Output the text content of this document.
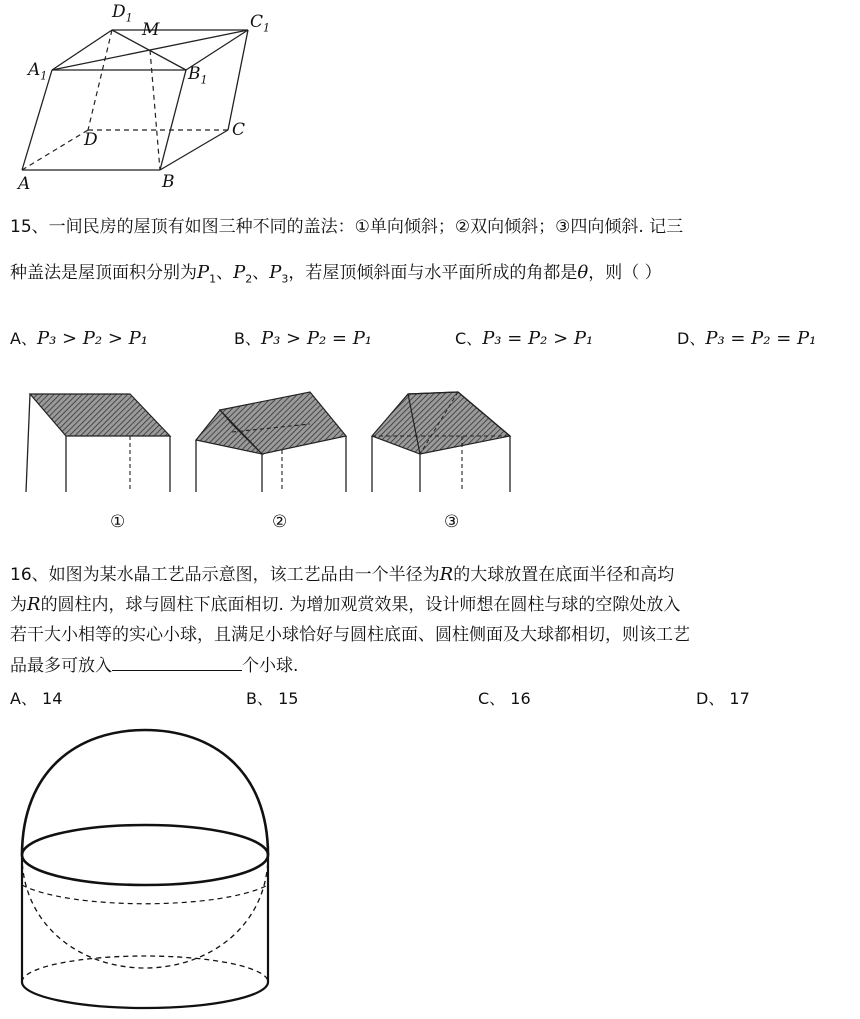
$D_1$
M	$C_1$
$A_1$	$B_1$
D	C
A	B
15、一间民房的屋顶有如图三种不同的盖法：①单向倾斜；②双向倾斜；③四向倾斜. 记三
种盖法是屋顶面积分别为$P_1$、$P_2$、$P_3$，若屋顶倾斜面与水平面所成的角都是θ，则（ ）
A、P₃ > P₂ > P₁	B、P₃ > P₂ = P₁	C、P₃ = P₂ > P₁	D、P₃ = P₂ = P₁
①	②	③
16、如图为某水晶工艺品示意图，该工艺品由一个半径为R的大球放置在底面半径和高均
为R的圆柱内，球与圆柱下底面相切. 为增加观赏效果，设计师想在圆柱与球的空隙处放入
若干大小相等的实心小球，且满足小球恰好与圆柱底面、圆柱侧面及大球都相切，则该工艺
品最多可放入	个小球.
A、 14	B、 15	C、 16	D、 17
